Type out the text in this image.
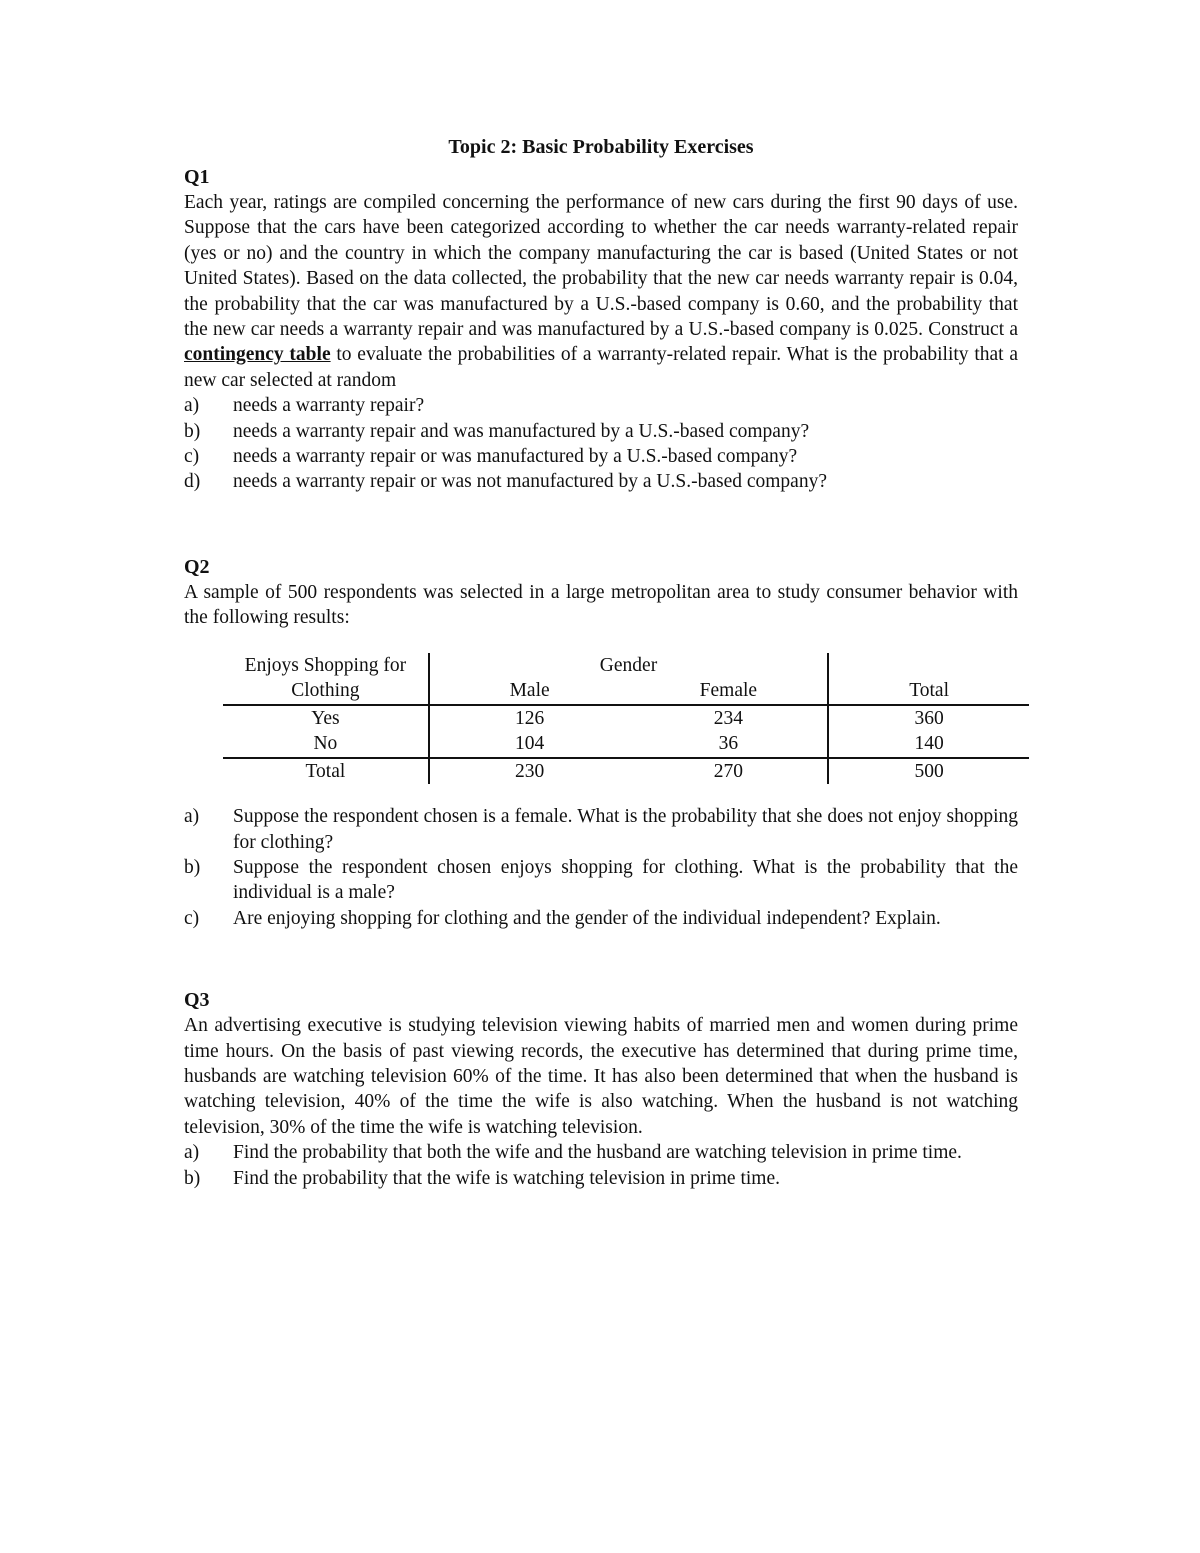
Topic 2: Basic Probability Exercises

Q1

Each year, ratings are compiled concerning the performance of new cars during the first 90 days of use. Suppose that the cars have been categorized according to whether the car needs warranty-related repair (yes or no) and the country in which the company manufacturing the car is based (United States or not United States). Based on the data collected, the probability that the new car needs warranty repair is 0.04, the probability that the car was manufactured by a U.S.-based company is 0.60, and the probability that the new car needs a warranty repair and was manufactured by a U.S.-based company is 0.025. Construct a contingency table to evaluate the probabilities of a warranty-related repair. What is the probability that a new car selected at random

a) needs a warranty repair?
b) needs a warranty repair and was manufactured by a U.S.-based company?
c) needs a warranty repair or was manufactured by a U.S.-based company?
d) needs a warranty repair or was not manufactured by a U.S.-based company?

Q2

A sample of 500 respondents was selected in a large metropolitan area to study consumer behavior with the following results:

Enjoys Shopping for	Gender		
Clothing	Male	Female	Total
Yes	126	234	360
No	104	36	140
Total	230	270	500
a) Suppose the respondent chosen is a female. What is the probability that she does not enjoy shopping for clothing?
b) Suppose the respondent chosen enjoys shopping for clothing. What is the probability that the individual is a male?
c) Are enjoying shopping for clothing and the gender of the individual independent? Explain.

Q3

An advertising executive is studying television viewing habits of married men and women during prime time hours. On the basis of past viewing records, the executive has determined that during prime time, husbands are watching television 60% of the time. It has also been determined that when the husband is watching television, 40% of the time the wife is also watching. When the husband is not watching television, 30% of the time the wife is watching television.

a) Find the probability that both the wife and the husband are watching television in prime time.
b) Find the probability that the wife is watching television in prime time.
